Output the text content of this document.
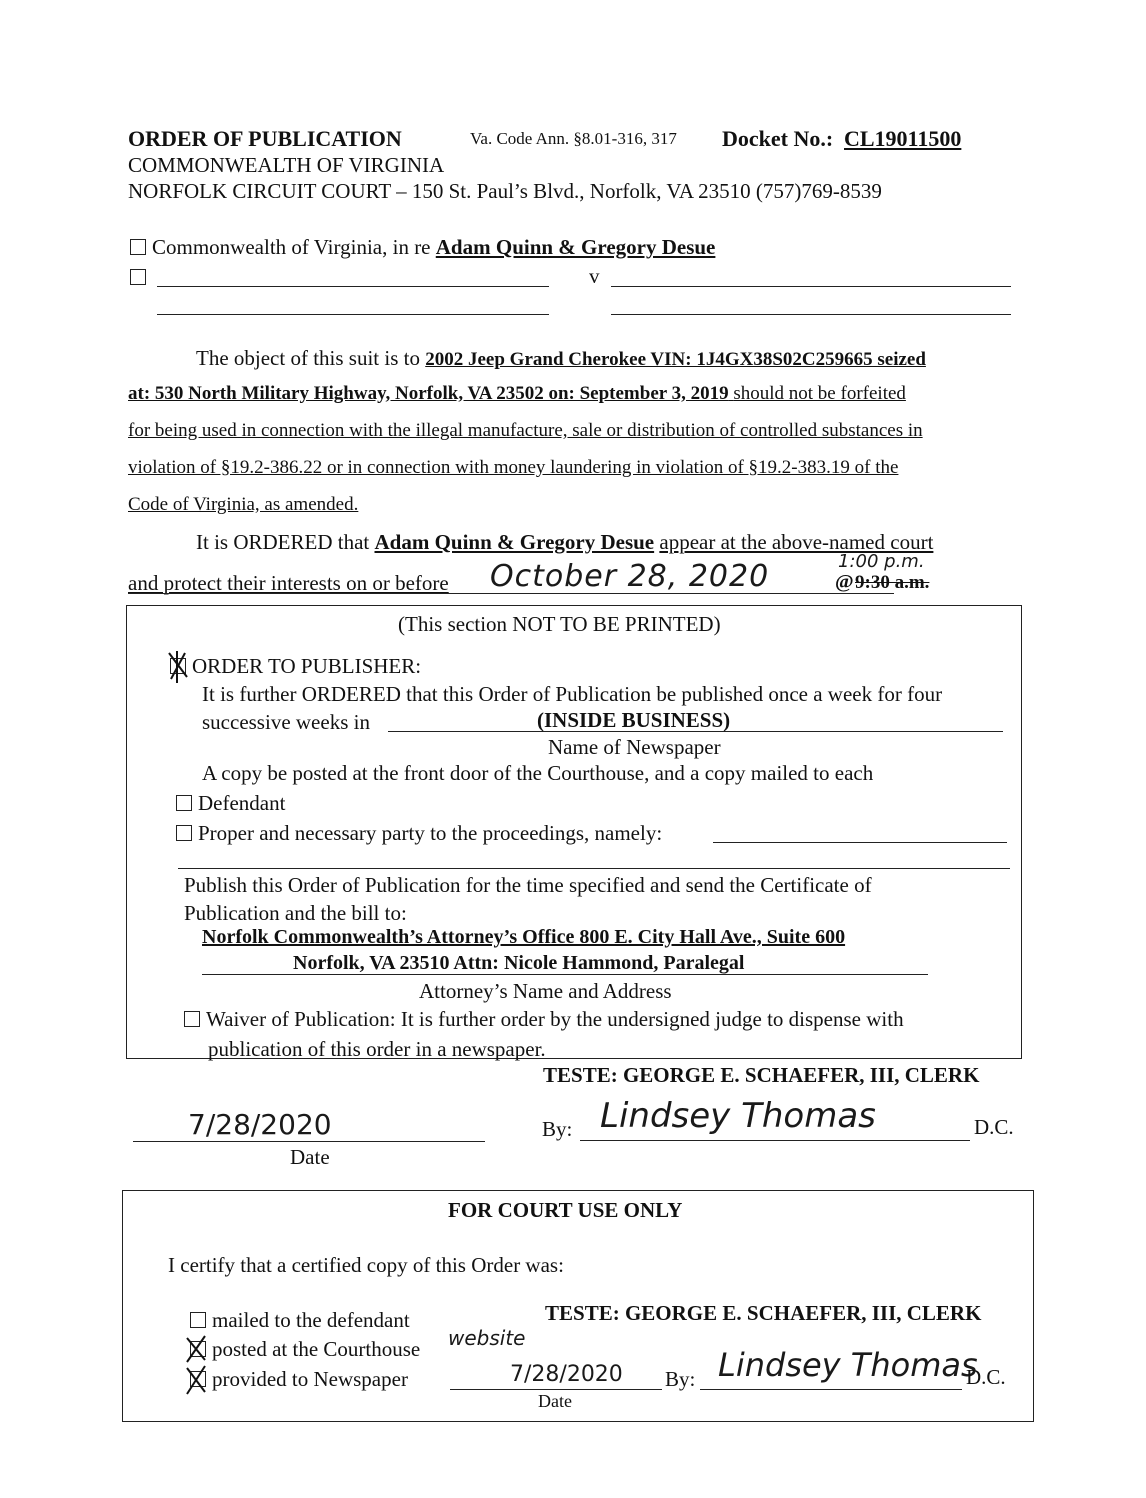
ORDER OF PUBLICATION	Va. Code Ann. §8.01-316, 317 Docket No.: CL19011500
COMMONWEALTH OF VIRGINIA
NORFOLK CIRCUIT COURT – 150 St. Paul’s Blvd., Norfolk, VA 23510 (757)769-8539
Commonwealth of Virginia, in re Adam Quinn & Gregory Desue
v
The object of this suit is to 2002 Jeep Grand Cherokee VIN: 1J4GX38S02C259665 seized
at: 530 North Military Highway, Norfolk, VA 23502 on: September 3, 2019 should not be forfeited
for being used in connection with the illegal manufacture, sale or distribution of controlled substances in
violation of §19.2-386.22 or in connection with money laundering in violation of §19.2-383.19 of the
Code of Virginia, as amended.
It is ORDERED that Adam Quinn & Gregory Desue appear at the above-named court
and protect their interests on or before October 28, 2020	@ 9:30 a.m.
1:00 p.m.
(This section NOT TO BE PRINTED)
ORDER TO PUBLISHER:
It is further ORDERED that this Order of Publication be published once a week for four
successive weeks in	(INSIDE BUSINESS)
Name of Newspaper
A copy be posted at the front door of the Courthouse, and a copy mailed to each
Defendant
Proper and necessary party to the proceedings, namely:
Publish this Order of Publication for the time specified and send the Certificate of
Publication and the bill to:
Norfolk Commonwealth’s Attorney’s Office 800 E. City Hall Ave., Suite 600
Norfolk, VA 23510 Attn: Nicole Hammond, Paralegal
Attorney’s Name and Address
Waiver of Publication: It is further order by the undersigned judge to dispense with
publication of this order in a newspaper.
TESTE: GEORGE E. SCHAEFER, III, CLERK
7/28/2020
Date
By: Lindsey Thomas	D.C.
FOR COURT USE ONLY
I certify that a certified copy of this Order was:
mailed to the defendant	TESTE: GEORGE E. SCHAEFER, III, CLERK
posted at the Courthouse website
provided to Newspaper	7/28/2020
Date
By: Lindsey Thomas
D.C.
